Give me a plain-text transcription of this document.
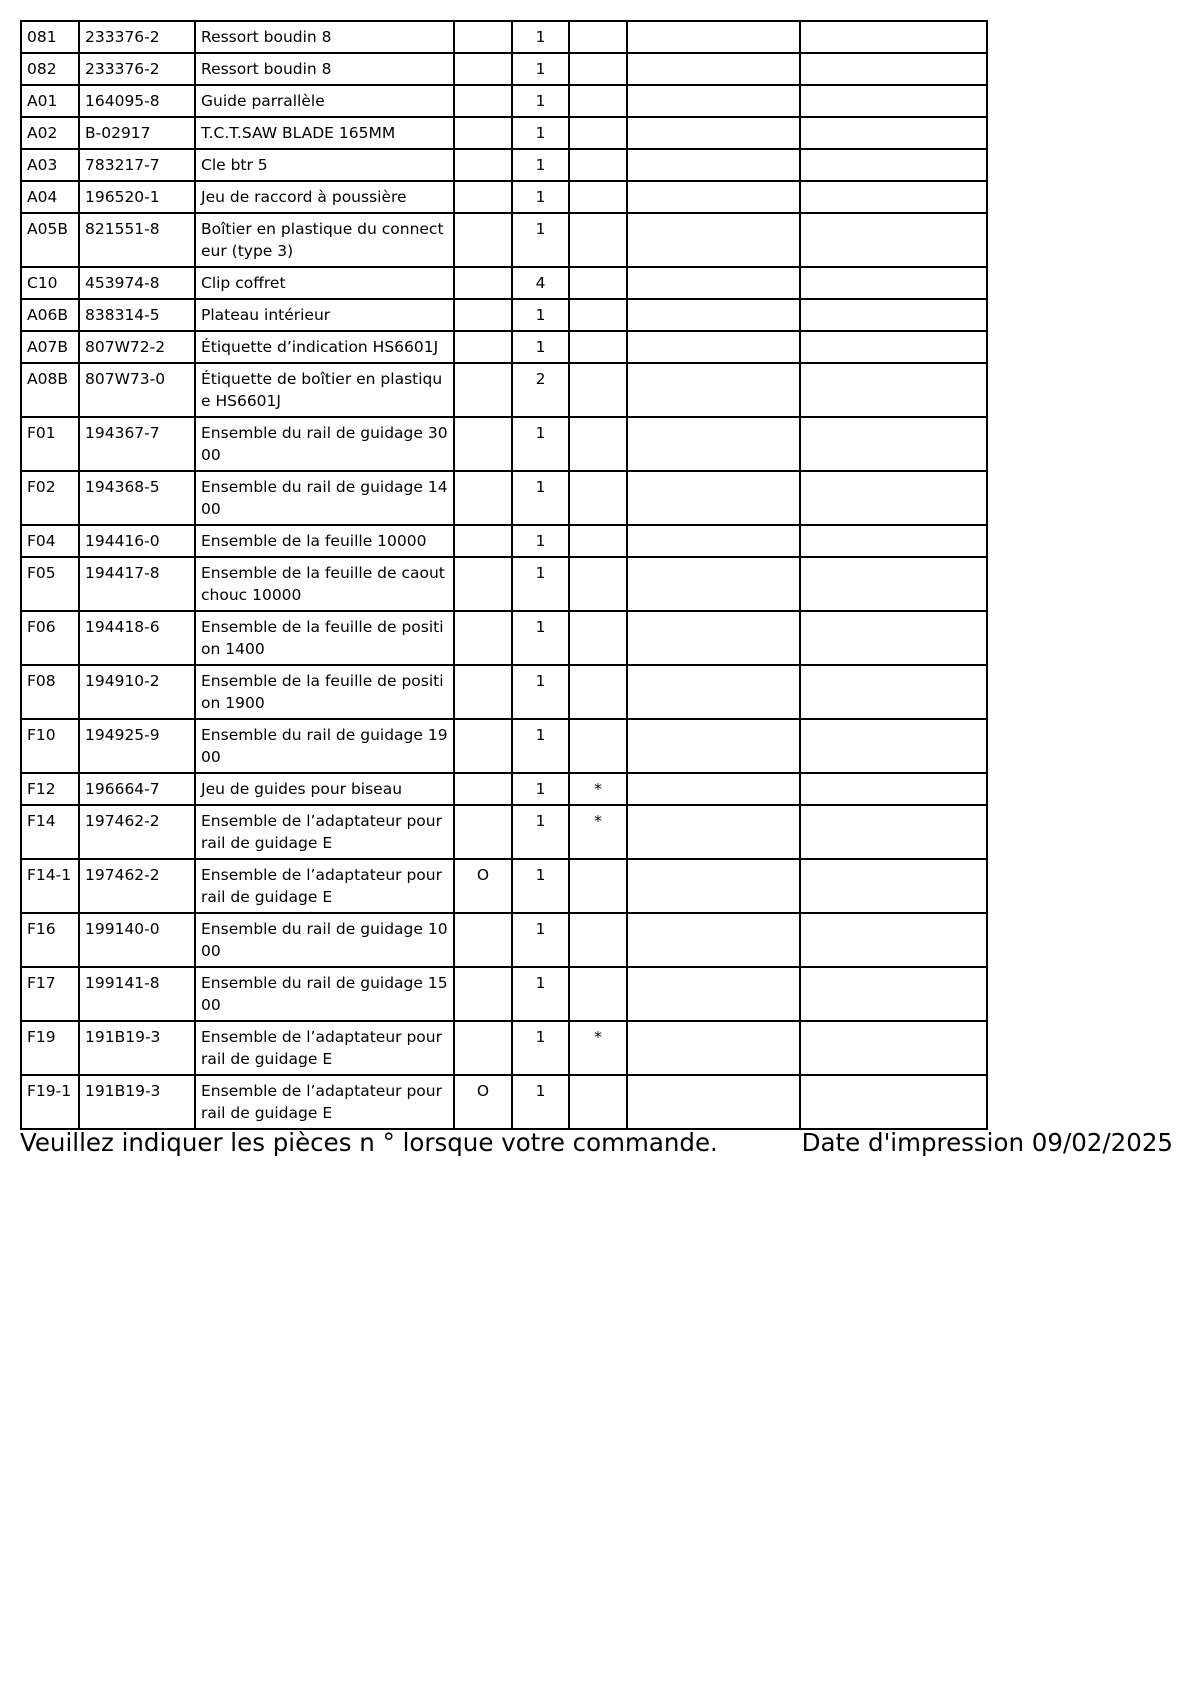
081	233376-2	Ressort boudin 8		1			
082	233376-2	Ressort boudin 8		1			
A01	164095-8	Guide parrallèle		1			
A02	B-02917	T.C.T.SAW BLADE 165MM		1			
A03	783217-7	Cle btr 5		1			
A04	196520-1	Jeu de raccord à poussière		1			
A05B	821551-8	Boîtier en plastique du connecteur (type 3)		1			
C10	453974-8	Clip coffret		4			
A06B	838314-5	Plateau intérieur		1			
A07B	807W72-2	Étiquette d’indication HS6601J		1			
A08B	807W73-0	Étiquette de boîtier en plastique HS6601J		2			
F01	194367-7	Ensemble du rail de guidage 3000		1			
F02	194368-5	Ensemble du rail de guidage 1400		1			
F04	194416-0	Ensemble de la feuille 10000		1			
F05	194417-8	Ensemble de la feuille de caoutchouc 10000		1			
F06	194418-6	Ensemble de la feuille de position 1400		1			
F08	194910-2	Ensemble de la feuille de position 1900		1			
F10	194925-9	Ensemble du rail de guidage 1900		1			
F12	196664-7	Jeu de guides pour biseau		1	*		
F14	197462-2	Ensemble de l’adaptateur pour rail de guidage E		1	*		
F14-1	197462-2	Ensemble de l’adaptateur pour rail de guidage E	O	1			
F16	199140-0	Ensemble du rail de guidage 1000		1			
F17	199141-8	Ensemble du rail de guidage 1500		1			
F19	191B19-3	Ensemble de l’adaptateur pour rail de guidage E		1	*		
F19-1	191B19-3	Ensemble de l’adaptateur pour rail de guidage E	O	1			
Veuillez indiquer les pièces n ° lorsque votre commande.	Date d'impression 09/02/2025
